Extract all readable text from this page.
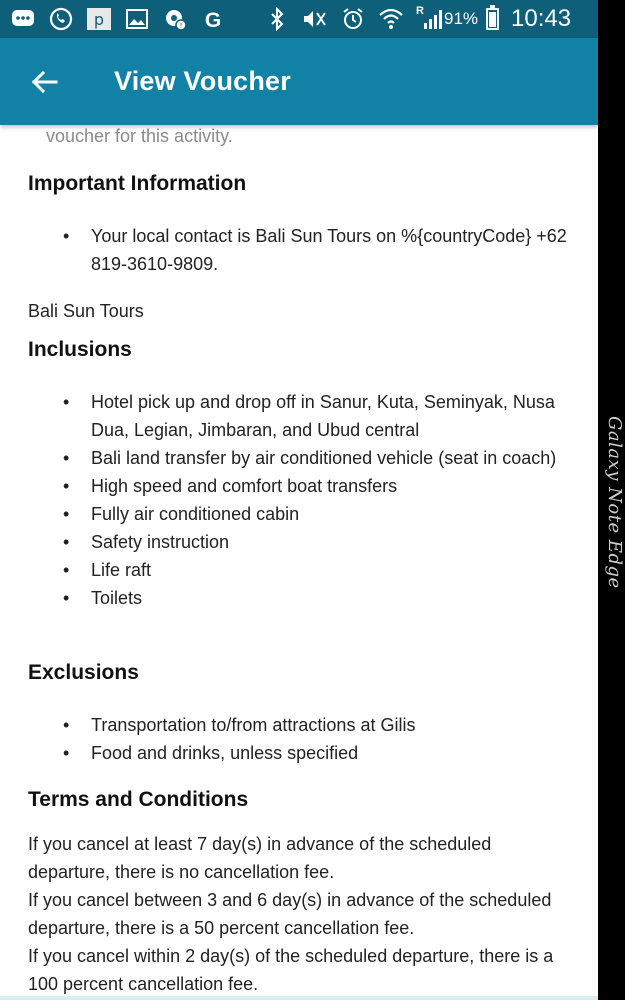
p	! G	R 91% 10:43
View Voucher
voucher for this activity.
Important Information
• Your local contact is Bali Sun Tours on %{countryCode} +62 819-3610-9809.
Bali Sun Tours
Inclusions
• Hotel pick up and drop off in Sanur, Kuta, Seminyak, Nusa Dua, Legian, Jimbaran, and Ubud central
• Bali land transfer by air conditioned vehicle (seat in coach)
• High speed and comfort boat transfers
• Fully air conditioned cabin
• Safety instruction
• Life raft
• Toilets
Exclusions
• Transportation to/from attractions at Gilis
• Food and drinks, unless specified
Terms and Conditions
If you cancel at least 7 day(s) in advance of the scheduled departure, there is no cancellation fee.
If you cancel between 3 and 6 day(s) in advance of the scheduled departure, there is a 50 percent cancellation fee.
If you cancel within 2 day(s) of the scheduled departure, there is a 100 percent cancellation fee.
Galaxy Note Edge
